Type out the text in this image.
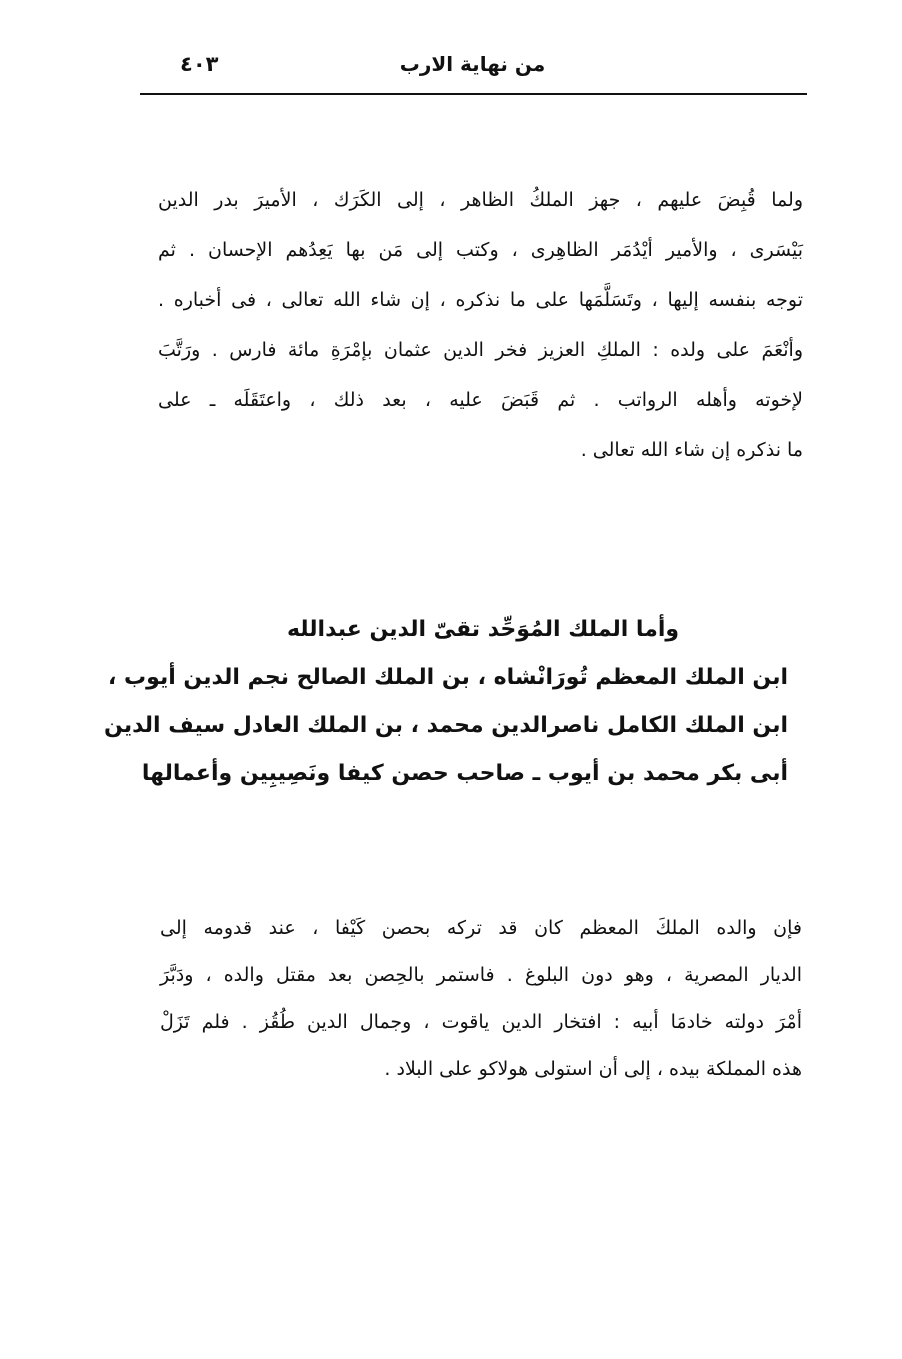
من نهاية الارب
٤٠٣
ولما قُبِضَ عليهم ، جهز الملكُ الظاهر ، إلى الكَرَك ، الأميرَ بدر الدين
بَيْسَرى ، والأمير أيْدُمَر الظاهِرى ، وكتب إلى مَن بها يَعِدُهم الإحسان . ثم
توجه بنفسه إليها ، وتَسَلَّمَها على ما نذكره ، إن شاء الله تعالى ، فى أخباره .
وأنْعَمَ على ولده : الملكِ العزيز فخر الدين عثمان بإمْرَةِ مائة فارس . ورَتَّبَ
لإخوته وأهله الرواتب . ثم قَبَضَ عليه ، بعد ذلك ، واعتَقَلَه ـ على
ما نذكره إن شاء الله تعالى .
وأما الملك المُوَحِّد تقىّ الدين عبدالله
ابن الملك المعظم تُورَانْشاه ، بن الملك الصالح نجم الدين أيوب ،
ابن الملك الكامل ناصرالدين محمد ، بن الملك العادل سيف الدين
أبى بكر محمد بن أيوب ـ صاحب حصن كيفا ونَصِيبِين وأعمالها
فإن والده الملكَ المعظم كان قد تركه بحصن كَيْفا ، عند قدومه إلى
الديار المصرية ، وهو دون البلوغ . فاستمر بالحِصن بعد مقتل والده ، ودَبَّرَ
أمْرَ دولته خادمَا أبيه : افتخار الدين ياقوت ، وجمال الدين طُقُز . فلم تَزَلْ
هذه المملكة بيده ، إلى أن استولى هولاكو على البلاد .
